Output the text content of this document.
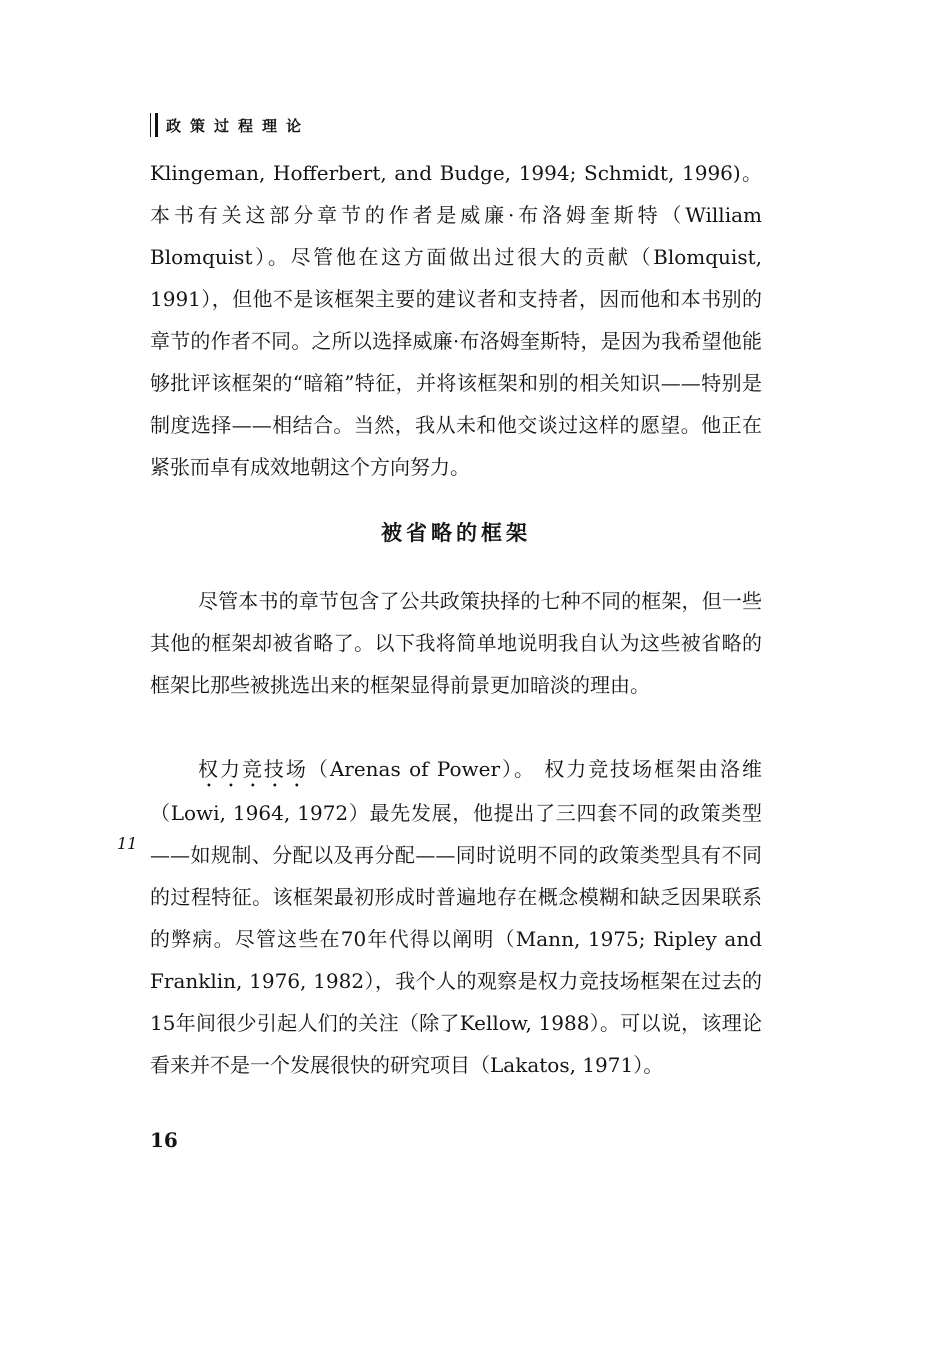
政策过程理论

Klingeman, Hofferbert, and Budge, 1994; Schmidt, 1996)。本书有关这部分章节的作者是威廉·布洛姆奎斯特（William Blomquist）。尽管他在这方面做出过很大的贡献（Blomquist, 1991），但他不是该框架主要的建议者和支持者，因而他和本书别的章节的作者不同。之所以选择威廉·布洛姆奎斯特，是因为我希望他能够批评该框架的“暗箱”特征，并将该框架和别的相关知识——特别是制度选择——相结合。当然，我从未和他交谈过这样的愿望。他正在紧张而卓有成效地朝这个方向努力。

被省略的框架

尽管本书的章节包含了公共政策抉择的七种不同的框架，但一些其他的框架却被省略了。以下我将简单地说明我自认为这些被省略的框架比那些被挑选出来的框架显得前景更加暗淡的理由。

权力竞技场（Arenas of Power）。 权力竞技场框架由洛维（Lowi, 1964, 1972）最先发展，他提出了三四套不同的政策类型——如规制、分配以及再分配——同时说明不同的政策类型具有不同的过程特征。该框架最初形成时普遍地存在概念模糊和缺乏因果联系的弊病。尽管这些在70年代得以阐明（Mann, 1975; Ripley and Franklin, 1976, 1982），我个人的观察是权力竞技场框架在过去的15年间很少引起人们的关注（除了Kellow, 1988）。可以说，该理论看来并不是一个发展很快的研究项目（Lakatos, 1971）。

11
16
